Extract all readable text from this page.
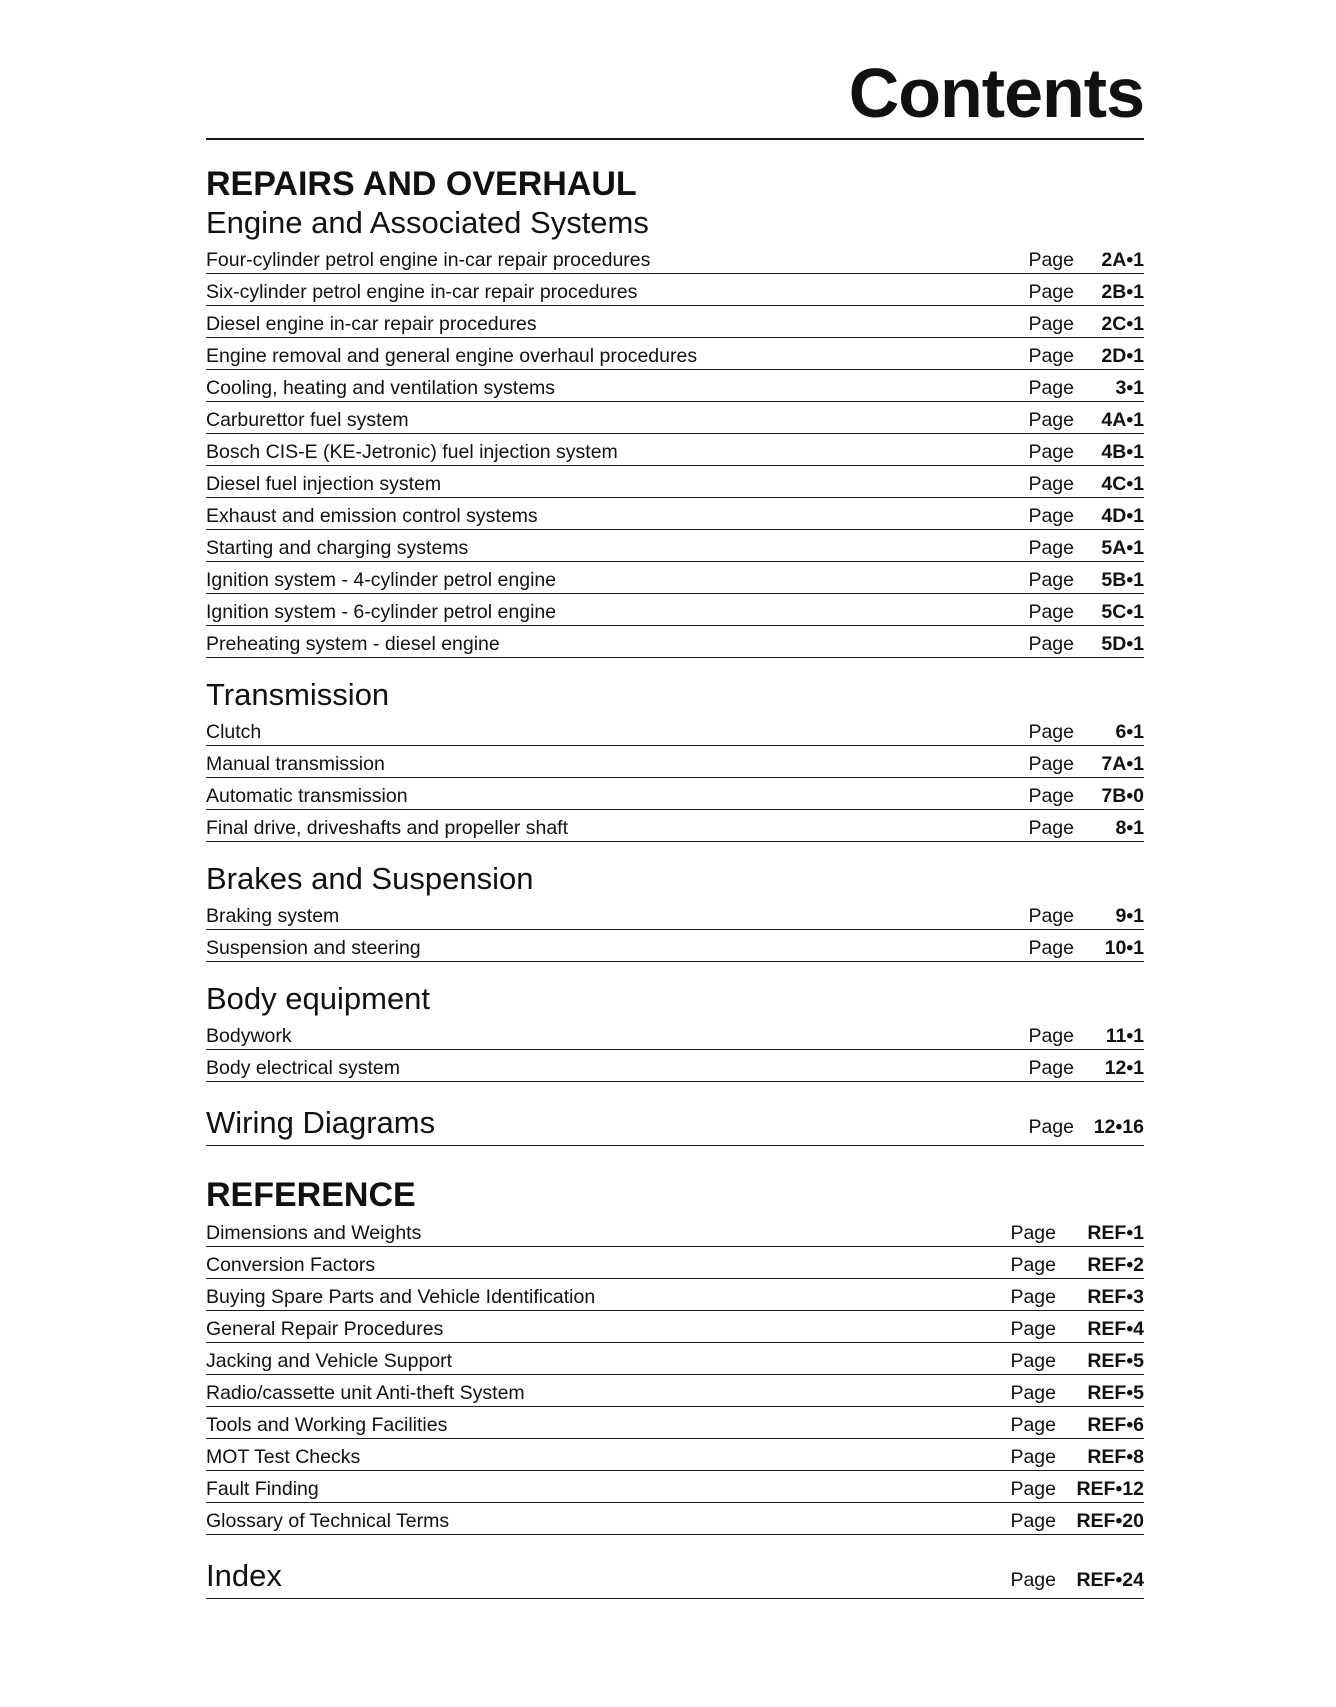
Contents
REPAIRS AND OVERHAUL
Engine and Associated Systems
Four-cylinder petrol engine in-car repair procedures	Page	2A•1
Six-cylinder petrol engine in-car repair procedures	Page	2B•1
Diesel engine in-car repair procedures	Page	2C•1
Engine removal and general engine overhaul procedures	Page	2D•1
Cooling, heating and ventilation systems	Page	3•1
Carburettor fuel system	Page	4A•1
Bosch CIS-E (KE-Jetronic) fuel injection system	Page	4B•1
Diesel fuel injection system	Page	4C•1
Exhaust and emission control systems	Page	4D•1
Starting and charging systems	Page	5A•1
Ignition system - 4-cylinder petrol engine	Page	5B•1
Ignition system - 6-cylinder petrol engine	Page	5C•1
Preheating system - diesel engine	Page	5D•1
Transmission
Clutch	Page	6•1
Manual transmission	Page	7A•1
Automatic transmission	Page	7B•0
Final drive, driveshafts and propeller shaft	Page	8•1
Brakes and Suspension
Braking system	Page	9•1
Suspension and steering	Page	10•1
Body equipment
Bodywork	Page	11•1
Body electrical system	Page	12•1
Wiring Diagrams	Page	12•16
REFERENCE
Dimensions and Weights	Page	REF•1
Conversion Factors	Page	REF•2
Buying Spare Parts and Vehicle Identification	Page	REF•3
General Repair Procedures	Page	REF•4
Jacking and Vehicle Support	Page	REF•5
Radio/cassette unit Anti-theft System	Page	REF•5
Tools and Working Facilities	Page	REF•6
MOT Test Checks	Page	REF•8
Fault Finding	Page	REF•12
Glossary of Technical Terms	Page	REF•20
Index	Page	REF•24
